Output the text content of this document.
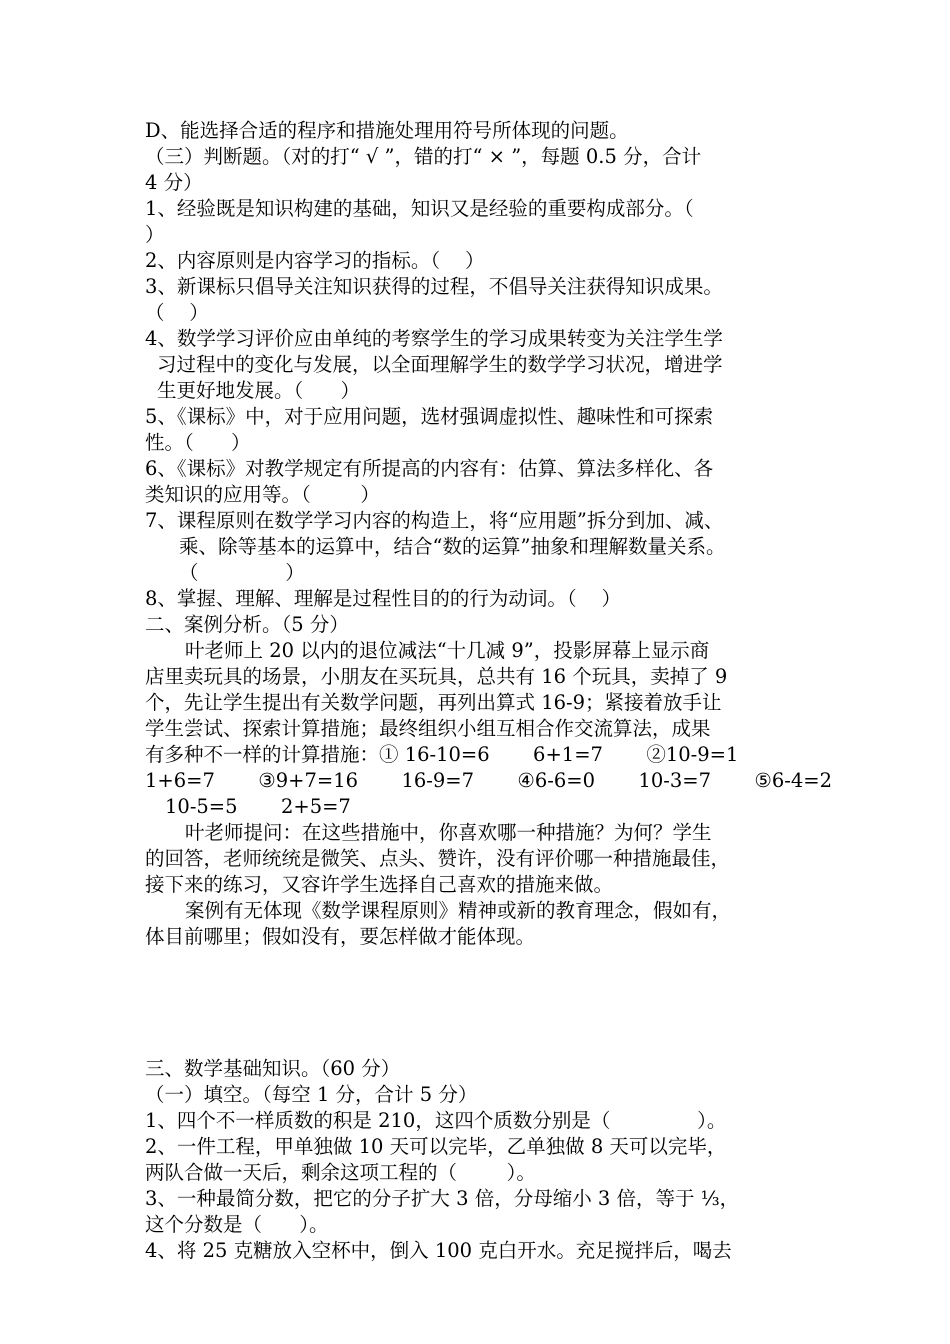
D、能选择合适的程序和措施处理用符号所体现的问题。
（三）判断题。（对的打“ √ ”，错的打“ × ”，每题 0.5 分，合计
4 分）
1、经验既是知识构建的基础，知识又是经验的重要构成部分。（
）
2、内容原则是内容学习的指标。（    ）
3、新课标只倡导关注知识获得的过程，不倡导关注获得知识成果。
（    ）
4、数学学习评价应由单纯的考察学生的学习成果转变为关注学生学
习过程中的变化与发展，以全面理解学生的数学学习状况，增进学
生更好地发展。（      ）
5、《课标》中，对于应用问题，选材强调虚拟性、趣味性和可探索
性。（      ）
6、《课标》对教学规定有所提高的内容有：估算、算法多样化、各
类知识的应用等。（        ）
7、课程原则在数学学习内容的构造上，将“应用题”拆分到加、减、
乘、除等基本的运算中，结合“数的运算”抽象和理解数量关系。
（              ）
8、掌握、理解、理解是过程性目的的行为动词。（    ）
二、案例分析。（5 分）
叶老师上 20 以内的退位减法“十几减 9”，投影屏幕上显示商
店里卖玩具的场景，小朋友在买玩具，总共有 16 个玩具，卖掉了 9
个，先让学生提出有关数学问题，再列出算式 16-9；紧接着放手让
学生尝试、探索计算措施；最终组织小组互相合作交流算法，成果
有多种不一样的计算措施：① 16-10=6       6+1=7       ②10-9=1
1+6=7       ③9+7=16       16-9=7       ④6-6=0       10-3=7       ⑤6-4=2
10-5=5       2+5=7
叶老师提问：在这些措施中，你喜欢哪一种措施？为何？学生
的回答，老师统统是微笑、点头、赞许，没有评价哪一种措施最佳，
接下来的练习，又容许学生选择自己喜欢的措施来做。
案例有无体现《数学课程原则》精神或新的教育理念，假如有，
体目前哪里；假如没有，要怎样做才能体现。
三、数学基础知识。（60 分）
（一）填空。（每空 1 分，合计 5 分）
1、四个不一样质数的积是 210，这四个质数分别是（              ）。
2、一件工程，甲单独做 10 天可以完毕，乙单独做 8 天可以完毕，
两队合做一天后，剩余这项工程的（        ）。
3、一种最简分数，把它的分子扩大 3 倍，分母缩小 3 倍，等于 ⅓，
这个分数是（      ）。
4、将 25 克糖放入空杯中，倒入 100 克白开水。充足搅拌后，喝去
